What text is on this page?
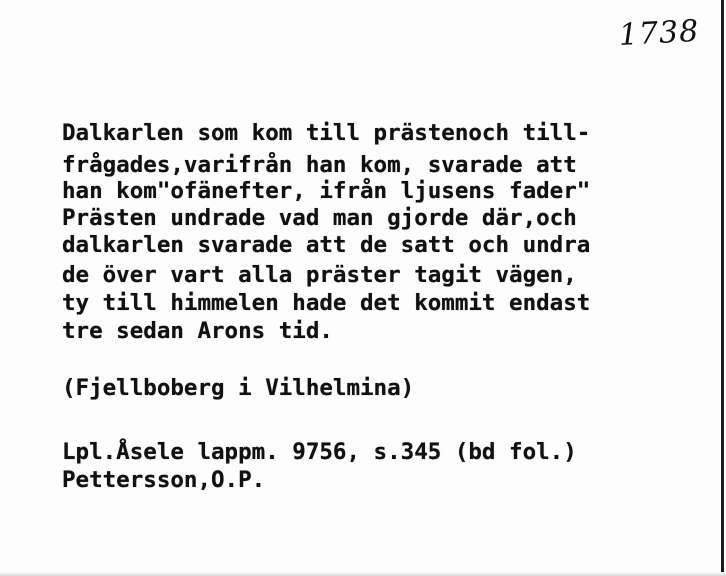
1738
Dalkarlen som kom till prästenoch till-
frågades,varifrån han kom, svarade att
han kom"ofänefter, ifrån ljusens fader"
Prästen undrade vad man gjorde där,och
dalkarlen svarade att de satt och undra
de över vart alla präster tagit vägen,
ty till himmelen hade det kommit endast
tre sedan Arons tid.
(Fjellboberg i Vilhelmina)
Lpl.Åsele lappm. 9756, s.345 (bd fol.)
Pettersson,O.P.
